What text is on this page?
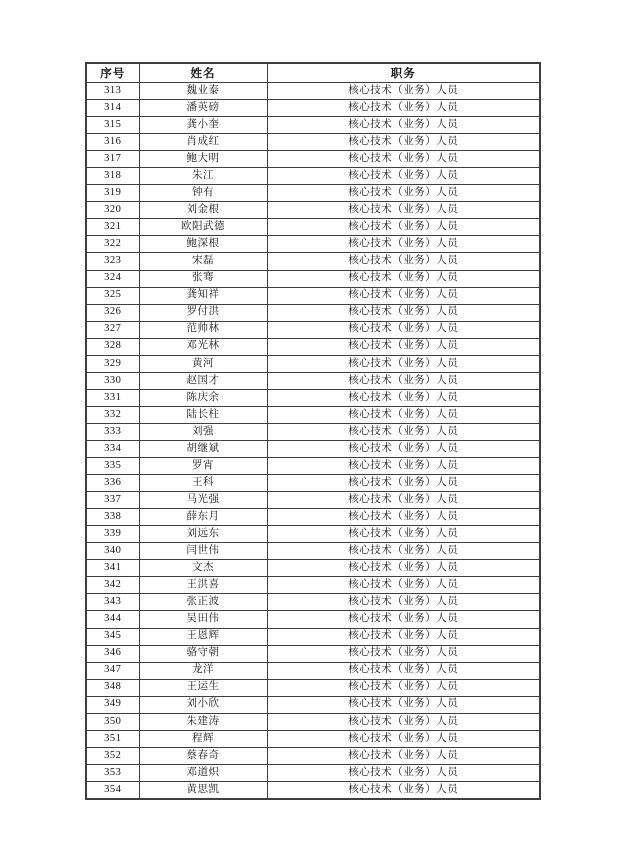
序号	姓名	职务
313	魏业泰	核心技术（业务）人员
314	潘英磅	核心技术（业务）人员
315	龚小奎	核心技术（业务）人员
316	肖成红	核心技术（业务）人员
317	鲍大明	核心技术（业务）人员
318	朱江	核心技术（业务）人员
319	钟有	核心技术（业务）人员
320	刘金根	核心技术（业务）人员
321	欧阳武德	核心技术（业务）人员
322	鲍深根	核心技术（业务）人员
323	宋磊	核心技术（业务）人员
324	张骞	核心技术（业务）人员
325	龚知祥	核心技术（业务）人员
326	罗付洪	核心技术（业务）人员
327	范帅林	核心技术（业务）人员
328	邓光林	核心技术（业务）人员
329	黄河	核心技术（业务）人员
330	赵国才	核心技术（业务）人员
331	陈庆余	核心技术（业务）人员
332	陆长柱	核心技术（业务）人员
333	刘强	核心技术（业务）人员
334	胡继斌	核心技术（业务）人员
335	罗宵	核心技术（业务）人员
336	王科	核心技术（业务）人员
337	马光强	核心技术（业务）人员
338	薛东月	核心技术（业务）人员
339	刘远东	核心技术（业务）人员
340	闫世伟	核心技术（业务）人员
341	文杰	核心技术（业务）人员
342	王洪喜	核心技术（业务）人员
343	张正波	核心技术（业务）人员
344	吴田伟	核心技术（业务）人员
345	王恩辉	核心技术（业务）人员
346	骆守朝	核心技术（业务）人员
347	龙洋	核心技术（业务）人员
348	王运生	核心技术（业务）人员
349	刘小欣	核心技术（业务）人员
350	朱建涛	核心技术（业务）人员
351	程辉	核心技术（业务）人员
352	蔡春奇	核心技术（业务）人员
353	邓道炽	核心技术（业务）人员
354	黄思凯	核心技术（业务）人员
